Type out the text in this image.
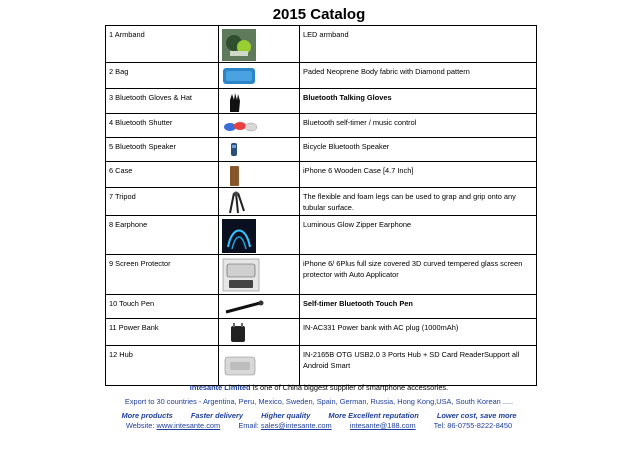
2015 Catalog
1 Armband		LED armband
2 Bag		Paded Neoprene Body fabric with Diamond pattern
3 Bluetooth Gloves & Hat		Bluetooth Talking Gloves
4 Bluetooth Shutter		Bluetooth self-timer / music control
5 Bluetooth Speaker		Bicycle Bluetooth Speaker
6 Case		iPhone 6 Wooden Case [4.7 Inch]
7 Tripod		The flexible and foam legs can be used to grap and grip onto any tubular surface.
8 Earphone		Luminous Glow Zipper Earphone
9 Screen Protector		iPhone 6/ 6Plus full size covered 3D curved tempered glass screen protector with Auto Applicator
10 Touch Pen		Self-timer Bluetooth Touch Pen
11 Power Bank		IN-AC331 Power bank with AC plug (1000mAh)
12 Hub		IN-2165B OTG USB2.0 3 Ports Hub + SD Card ReaderSupport all Android Smart
Intesante Limited is one of China biggest supplier of smartphone accessories.
Export to 30 countries - Argentina, Peru, Mexico, Sweden, Spain, German, Russia, Hong Kong,USA, South Korean .....
More products Faster delivery Higher quality More Excellent reputation Lower cost, save more
Website: www.intesante.com Email: sales@intesante.com intesante@188.com Tel: 86-0755-8222-8450
